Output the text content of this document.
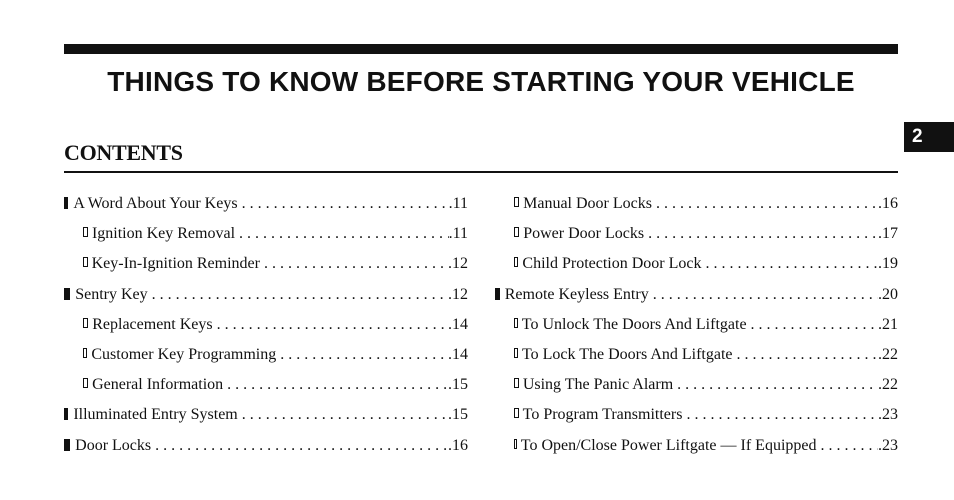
THINGS TO KNOW BEFORE STARTING YOUR VEHICLE
2
CONTENTS
A Word About Your Keys . . .	.11
Ignition Key Removal . . .	.11
Key-In-Ignition Reminder . . .	.12
Sentry Key . . .	.12
Replacement Keys . . .	.14
Customer Key Programming . . .	.14
General Information . . .	.15
Illuminated Entry System . . .	.15
Door Locks . . .	.16
Manual Door Locks . . .	.16
Power Door Locks . . .	.17
Child Protection Door Lock . . .	.19
Remote Keyless Entry . . .	.20
To Unlock The Doors And Liftgate . . .	.21
To Lock The Doors And Liftgate . . .	.22
Using The Panic Alarm . . .	.22
To Program Transmitters . . .	.23
To Open/Close Power Liftgate — If Equipped . . .	.23
